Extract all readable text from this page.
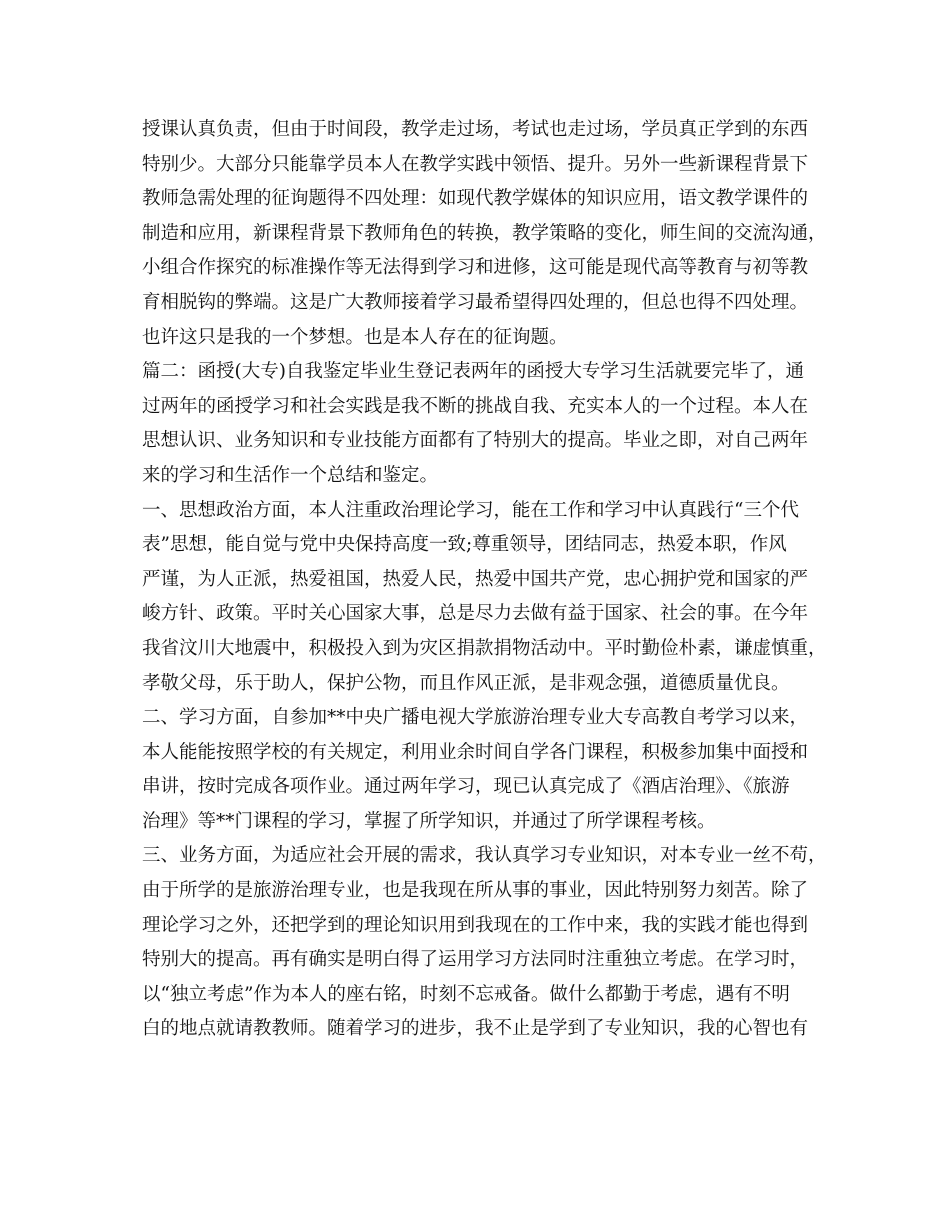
授课认真负责，但由于时间段，教学走过场，考试也走过场，学员真正学到的东西
特别少。大部分只能靠学员本人在教学实践中领悟、提升。另外一些新课程背景下
教师急需处理的征询题得不四处理：如现代教学媒体的知识应用，语文教学课件的
制造和应用，新课程背景下教师角色的转换，教学策略的变化，师生间的交流沟通，
小组合作探究的标准操作等无法得到学习和进修，这可能是现代高等教育与初等教
育相脱钩的弊端。这是广大教师接着学习最希望得四处理的，但总也得不四处理。
也许这只是我的一个梦想。也是本人存在的征询题。
篇二：函授(大专)自我鉴定毕业生登记表两年的函授大专学习生活就要完毕了，通
过两年的函授学习和社会实践是我不断的挑战自我、充实本人的一个过程。本人在
思想认识、业务知识和专业技能方面都有了特别大的提高。毕业之即，对自己两年
来的学习和生活作一个总结和鉴定。
一、思想政治方面，本人注重政治理论学习，能在工作和学习中认真践行“三个代
表”思想，能自觉与党中央保持高度一致;尊重领导，团结同志，热爱本职，作风
严谨，为人正派，热爱祖国，热爱人民，热爱中国共产党，忠心拥护党和国家的严
峻方针、政策。平时关心国家大事，总是尽力去做有益于国家、社会的事。在今年
我省汶川大地震中，积极投入到为灾区捐款捐物活动中。平时勤俭朴素，谦虚慎重，
孝敬父母，乐于助人，保护公物，而且作风正派，是非观念强，道德质量优良。
二、学习方面，自参加**中央广播电视大学旅游治理专业大专高教自考学习以来，
本人能能按照学校的有关规定，利用业余时间自学各门课程，积极参加集中面授和
串讲，按时完成各项作业。通过两年学习，现已认真完成了《酒店治理》、《旅游
治理》等**门课程的学习，掌握了所学知识，并通过了所学课程考核。
三、业务方面，为适应社会开展的需求，我认真学习专业知识，对本专业一丝不苟，
由于所学的是旅游治理专业，也是我现在所从事的事业，因此特别努力刻苦。除了
理论学习之外，还把学到的理论知识用到我现在的工作中来，我的实践才能也得到
特别大的提高。再有确实是明白得了运用学习方法同时注重独立考虑。在学习时，
以“独立考虑”作为本人的座右铭，时刻不忘戒备。做什么都勤于考虑，遇有不明
白的地点就请教教师。随着学习的进步，我不止是学到了专业知识，我的心智也有
